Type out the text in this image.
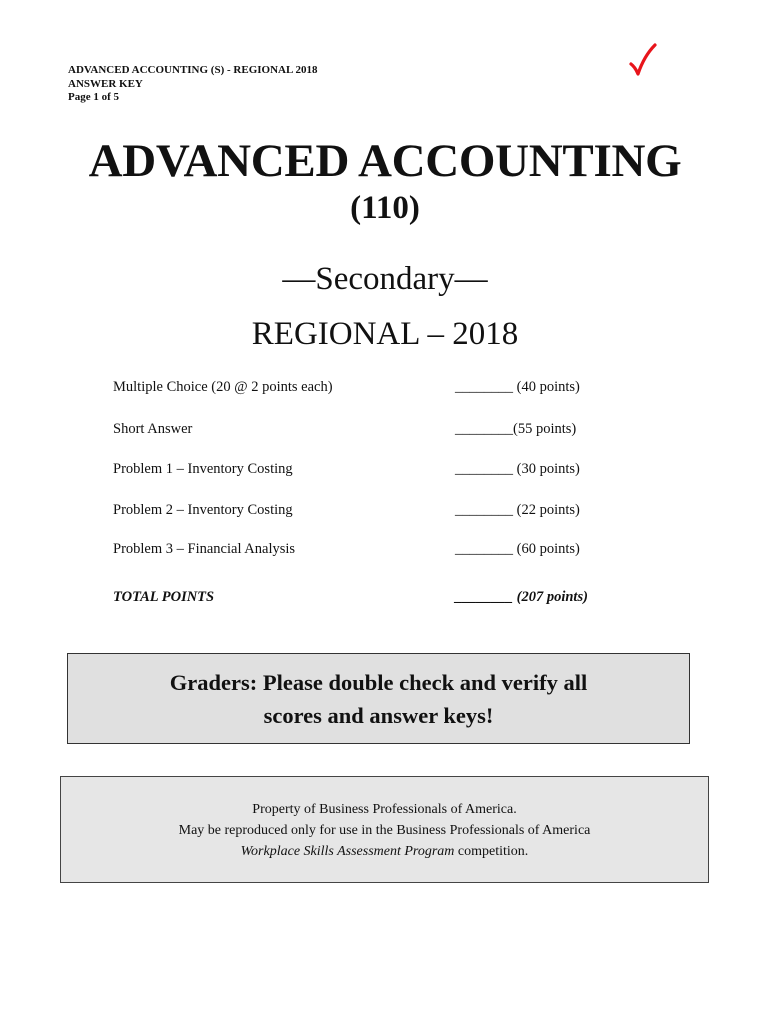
ADVANCED ACCOUNTING (S) - REGIONAL 2018
ANSWER KEY
Page 1 of 5
ADVANCED ACCOUNTING
(110)
—Secondary—
REGIONAL – 2018
Multiple Choice (20 @ 2 points each)	________ (40 points)
Short Answer	________(55 points)
Problem 1 – Inventory Costing	________ (30 points)
Problem 2 – Inventory Costing	________ (22 points)
Problem 3 – Financial Analysis	________ (60 points)
TOTAL POINTS	________ (207 points)
Graders: Please double check and verify all
scores and answer keys!
Property of Business Professionals of America.
May be reproduced only for use in the Business Professionals of America
Workplace Skills Assessment Program competition.
